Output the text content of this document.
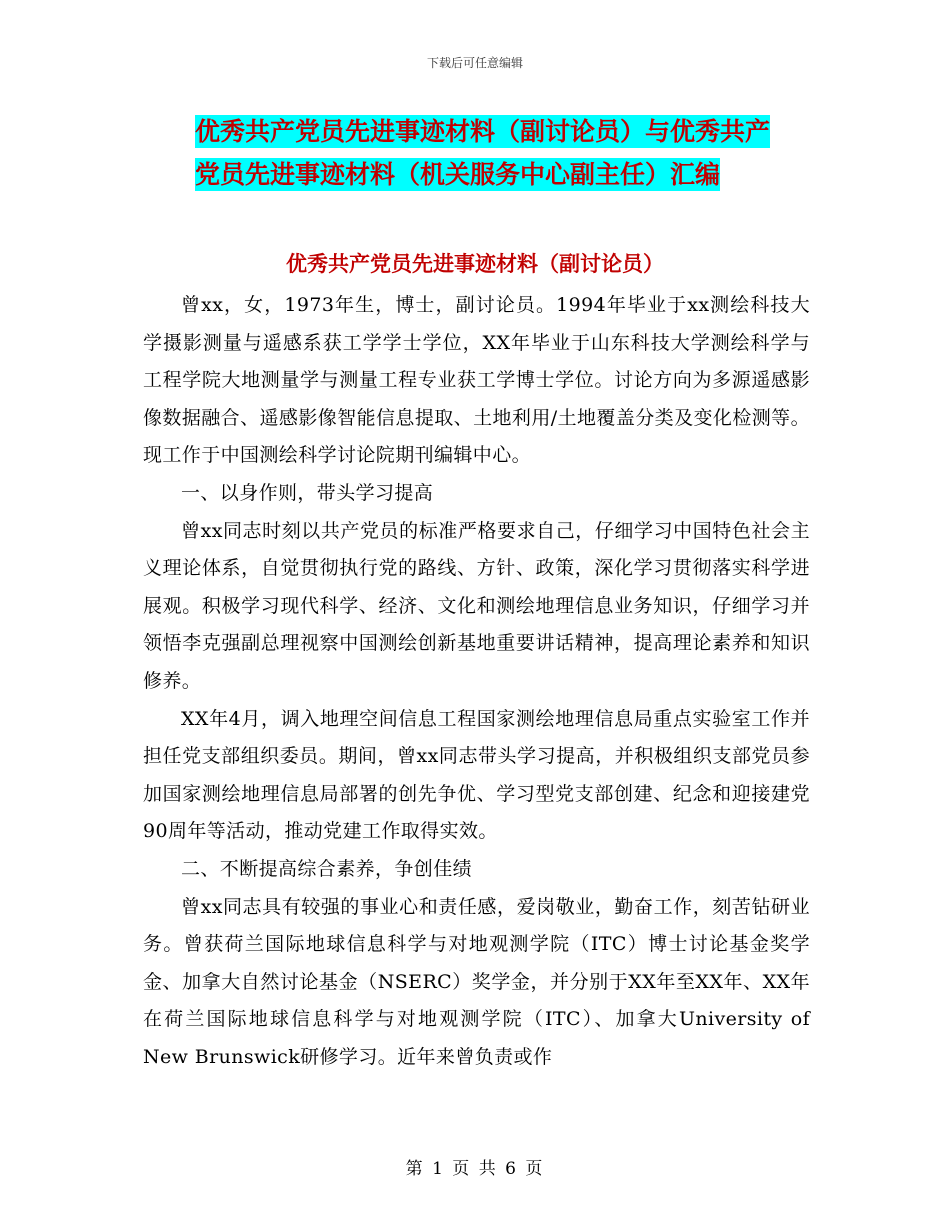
下载后可任意编辑
优秀共产党员先进事迹材料（副讨论员）与优秀共产
党员先进事迹材料（机关服务中心副主任）汇编
优秀共产党员先进事迹材料（副讨论员）

曾xx，女，1973年生，博士，副讨论员。1994年毕业于xx测绘科技大学摄影测量与遥感系获工学学士学位，XX年毕业于山东科技大学测绘科学与工程学院大地测量学与测量工程专业获工学博士学位。讨论方向为多源遥感影像数据融合、遥感影像智能信息提取、土地利用/土地覆盖分类及变化检测等。现工作于中国测绘科学讨论院期刊编辑中心。

一、以身作则，带头学习提高

曾xx同志时刻以共产党员的标准严格要求自己，仔细学习中国特色社会主义理论体系，自觉贯彻执行党的路线、方针、政策，深化学习贯彻落实科学进展观。积极学习现代科学、经济、文化和测绘地理信息业务知识，仔细学习并领悟李克强副总理视察中国测绘创新基地重要讲话精神，提高理论素养和知识修养。

XX年4月，调入地理空间信息工程国家测绘地理信息局重点实验室工作并担任党支部组织委员。期间，曾xx同志带头学习提高，并积极组织支部党员参加国家测绘地理信息局部署的创先争优、学习型党支部创建、纪念和迎接建党90周年等活动，推动党建工作取得实效。

二、不断提高综合素养，争创佳绩

曾xx同志具有较强的事业心和责任感，爱岗敬业，勤奋工作，刻苦钻研业务。曾获荷兰国际地球信息科学与对地观测学院（ITC）博士讨论基金奖学金、加拿大自然讨论基金（NSERC）奖学金，并分别于XX年至XX年、XX年在荷兰国际地球信息科学与对地观测学院（ITC）、加拿大University of New Brunswick研修学习。近年来曾负责或作

第 1 页 共 6 页
